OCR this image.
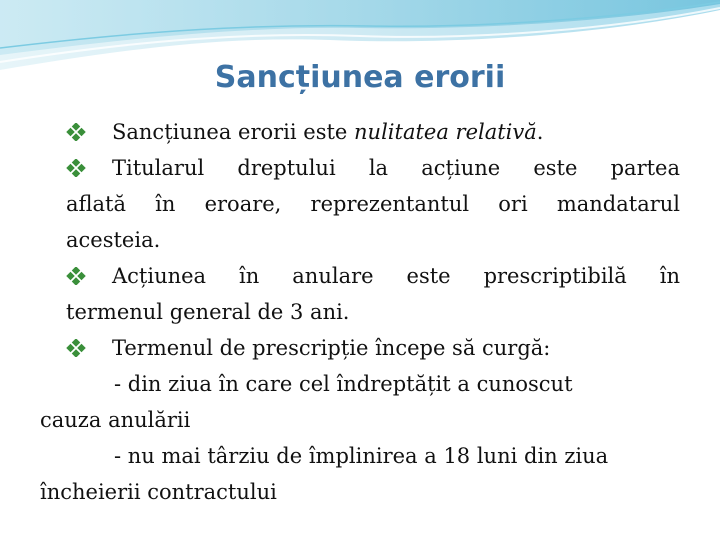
Sancțiunea erorii

Sancțiunea erorii este nulitatea relativă.

Titularul dreptului la acțiune este partea
aflată în eroare, reprezentantul ori mandatarul
acesteia.
Acțiunea în anulare este prescriptibilă în
termenul general de 3 ani.
Termenul de prescripție începe să curgă:
- din ziua în care cel îndreptățit a cunoscut
cauza anulării
- nu mai târziu de împlinirea a 18 luni din ziua
încheierii contractului
